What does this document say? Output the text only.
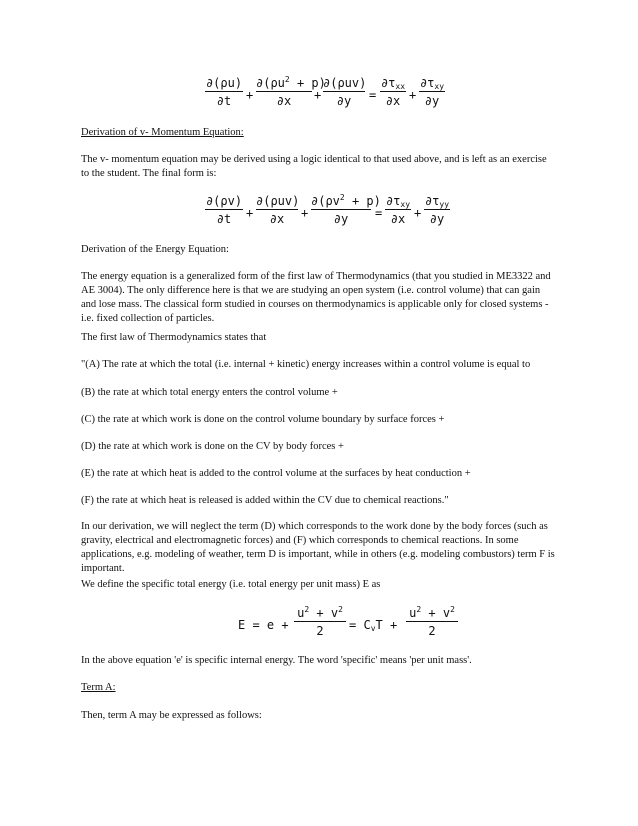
∂(ρu)
∂t	+
$\partial(\rho u^2 + p)$
∂x	+
∂(ρuv)
∂y	=
$\partial\tau_{xx}$
∂x +
$\partial\tau_{xy}$
∂y

Derivation of v- Momentum Equation:

The v- momentum equation may be derived using a logic identical to that used above, and is left as an exercise to the student. The final form is:

∂(ρv)
∂t	+
∂(ρuv)
∂x	+
$\partial(\rho v^2 + p)$
∂y	=
$\partial\tau_{xy}$
∂x +
$\partial\tau_{yy}$
∂y

Derivation of the Energy Equation:

The energy equation is a generalized form of the first law of Thermodynamics (that you studied in ME3322 and AE 3004). The only difference here is that we are studying an open system (i.e. control volume) that can gain and lose mass. The classical form studied in courses on thermodynamics is applicable only for closed systems - i.e. fixed collection of particles.

The first law of Thermodynamics states that

"(A) The rate at which the total (i.e. internal + kinetic) energy increases within a control volume is equal to

(B) the rate at which total energy enters the control volume +

(C) the rate at which work is done on the control volume boundary by surface forces +

(D) the rate at which work is done on the CV by body forces +

(E) the rate at which heat is added to the control volume at the surfaces by heat conduction +

(F) the rate at which heat is released is added within the CV due to chemical reactions."

In our derivation, we will neglect the term (D) which corresponds to the work done by the body forces (such as gravity, electrical and electromagnetic forces) and (F) which corresponds to chemical reactions. In some applications, e.g. modeling of weather, term D is important, while in others (e.g. modeling combustors) term F is important.

We define the specific total energy (i.e. total energy per unit mass) E as

E = e +
$u^2 + v^2$
2	= $C_vT$ +
$u^2 + v^2$
2

In the above equation 'e' is specific internal energy. The word 'specific' means 'per unit mass'.

Term A:

Then, term A may be expressed as follows:
